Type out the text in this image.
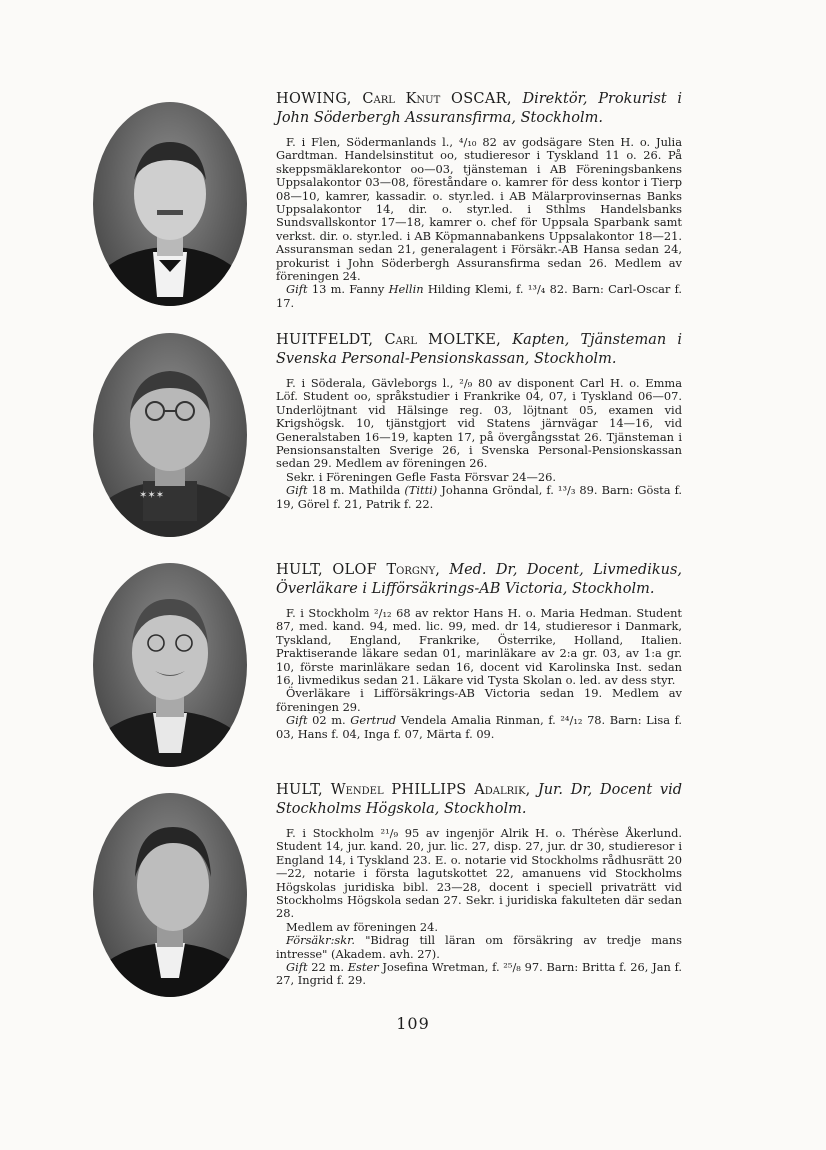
HOWING, Carl Knut OSCAR, Direktör, Prokurist i John Söderbergh Assuransfirma, Stockholm.

F. i Flen, Södermanlands l., ⁴/₁₀ 82 av godsägare Sten H. o. Julia Gardtman. Handelsinstitut oo, studieresor i Tyskland 11 o. 26. På skeppsmäklarekontor oo—03, tjänsteman i AB Föreningsbankens Uppsalakontor 03—08, föreståndare o. kamrer för dess kontor i Tierp 08—10, kamrer, kassadir. o. styr.led. i AB Mälarprovinsernas Banks Uppsalakontor 14, dir. o. styr.led. i Sthlms Handelsbanks Sundsvallskontor 17—18, kamrer o. chef för Uppsala Sparbank samt verkst. dir. o. styr.led. i AB Köpmannabankens Uppsalakontor 18—21. Assuransman sedan 21, generalagent i Försäkr.-AB Hansa sedan 24, prokurist i John Söderbergh Assuransfirma sedan 26. Medlem av föreningen 24.

Gift 13 m. Fanny Hellin Hilding Klemi, f. ¹³/₄ 82. Barn: Carl-Oscar f. 17.

✶✶✶
HUITFELDT, Carl MOLTKE, Kapten, Tjänsteman i Svenska Personal-Pensionskassan, Stockholm.

F. i Söderala, Gävleborgs l., ²/₉ 80 av disponent Carl H. o. Emma Löf. Student oo, språkstudier i Frankrike 04, 07, i Tyskland 06—07. Underlöjtnant vid Hälsinge reg. 03, löjtnant 05, examen vid Krigshögsk. 10, tjänstgjort vid Statens järnvägar 14—16, vid Generalstaben 16—19, kapten 17, på övergångsstat 26. Tjänsteman i Pensionsanstalten Sverige 26, i Svenska Personal-Pensionskassan sedan 29. Medlem av föreningen 26.

Sekr. i Föreningen Gefle Fasta Försvar 24—26.

Gift 18 m. Mathilda (Titti) Johanna Gröndal, f. ¹³/₃ 89. Barn: Gösta f. 19, Görel f. 21, Patrik f. 22.

HULT, OLOF Torgny, Med. Dr, Docent, Livmedikus, Överläkare i Lifförsäkrings-AB Victoria, Stockholm.

F. i Stockholm ²/₁₂ 68 av rektor Hans H. o. Maria Hedman. Student 87, med. kand. 94, med. lic. 99, med. dr 14, studieresor i Danmark, Tyskland, England, Frankrike, Österrike, Holland, Italien. Praktiserande läkare sedan 01, marinläkare av 2:a gr. 03, av 1:a gr. 10, förste marinläkare sedan 16, docent vid Karolinska Inst. sedan 16, livmedikus sedan 21. Läkare vid Tysta Skolan o. led. av dess styr.

Överläkare i Lifförsäkrings-AB Victoria sedan 19. Medlem av föreningen 29.

Gift 02 m. Gertrud Vendela Amalia Rinman, f. ²⁴/₁₂ 78. Barn: Lisa f. 03, Hans f. 04, Inga f. 07, Märta f. 09.

HULT, Wendel PHILLIPS Adalrik, Jur. Dr, Docent vid Stockholms Högskola, Stockholm.

F. i Stockholm ²¹/₉ 95 av ingenjör Alrik H. o. Thérèse Åkerlund. Student 14, jur. kand. 20, jur. lic. 27, disp. 27, jur. dr 30, studieresor i England 14, i Tyskland 23. E. o. notarie vid Stockholms rådhusrätt 20—22, notarie i första lagutskottet 22, amanuens vid Stockholms Högskolas juridiska bibl. 23—28, docent i speciell privaträtt vid Stockholms Högskola sedan 27. Sekr. i juridiska fakulteten där sedan 28.

Medlem av föreningen 24.

Försäkr:skr. "Bidrag till läran om försäkring av tredje mans intresse" (Akadem. avh. 27).

Gift 22 m. Ester Josefina Wretman, f. ²⁵/₈ 97. Barn: Britta f. 26, Jan f. 27, Ingrid f. 29.

109
